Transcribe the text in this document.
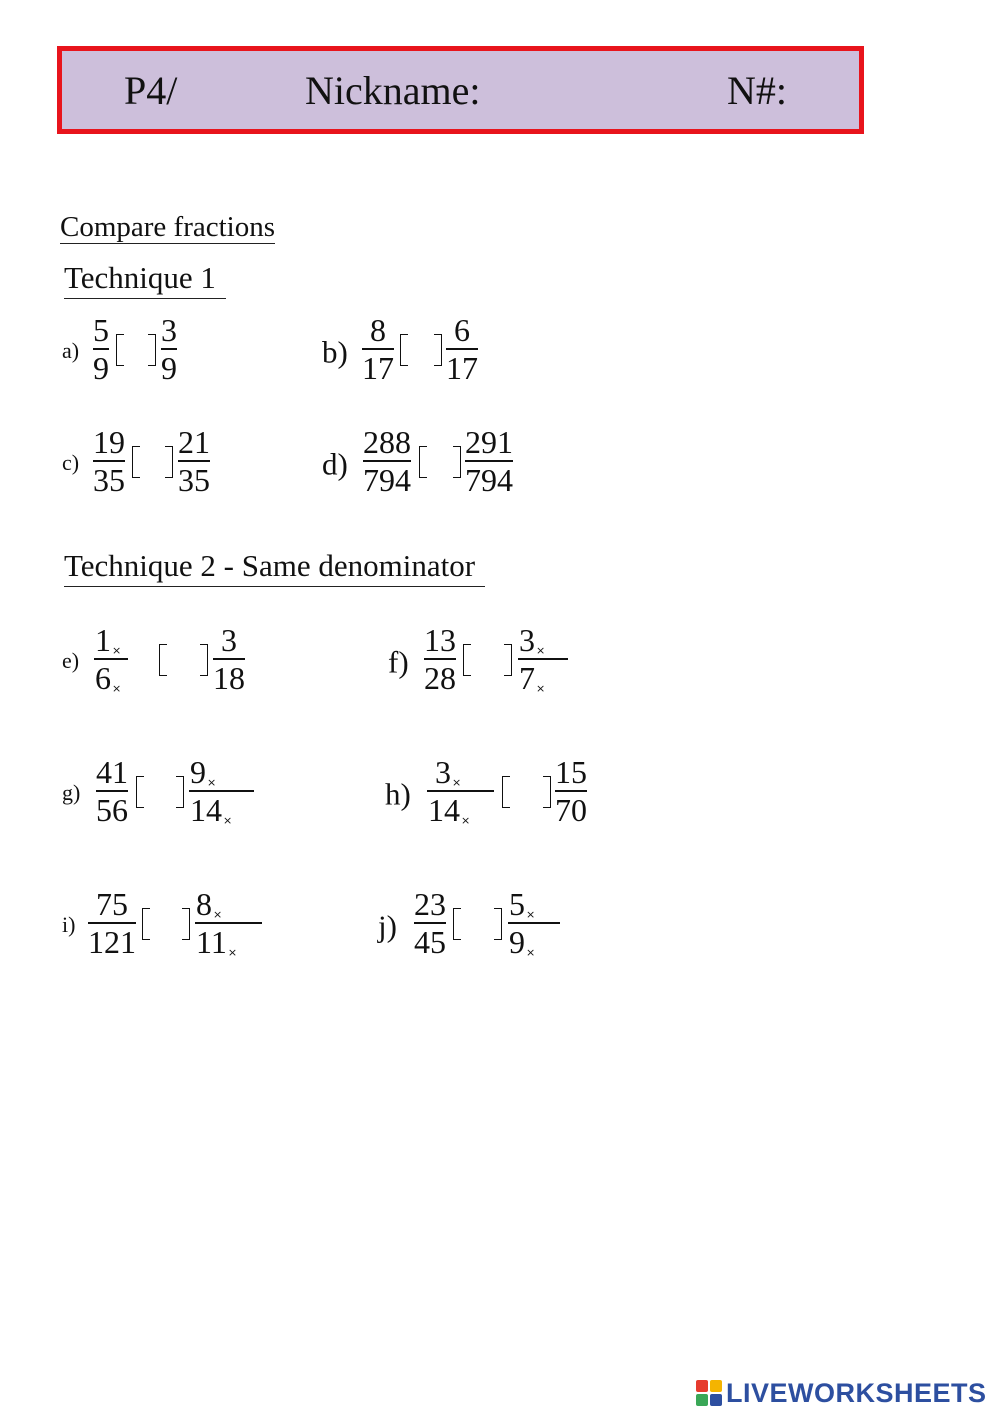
P4/	Nickname:	N#:
Compare fractions
Technique 1
a)
5
9
3
9	b)
8
17
6
17
c)
19
35
21
35	d)
288
794
291
794
Technique 2 - Same denominator
e)
1×
6×
3
18	f)
13
28
3×
7×
g)
41
56
9×
14×
h)
3×
14×
15
70
i)
75
121
8×
11×
j)
23
45
5×
9×
LIVEWORKSHEETS
